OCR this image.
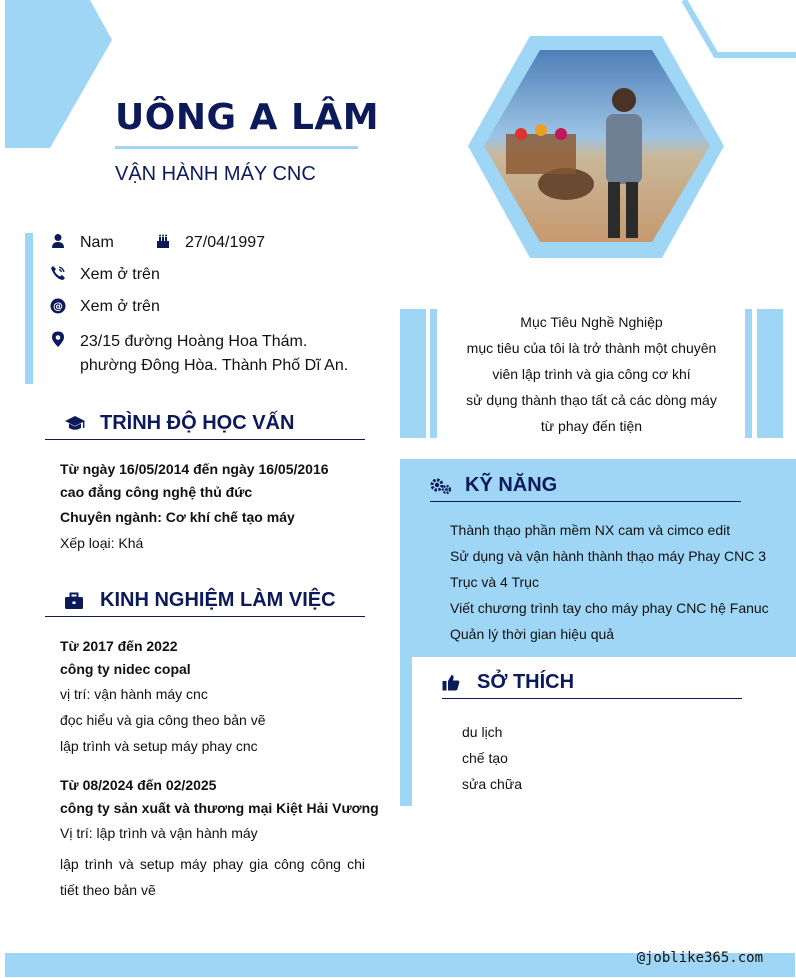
UÔNG A LÂM
VẬN HÀNH MÁY CNC
Nam	27/04/1997
Xem ở trên
@ Xem ở trên
23/15 đường Hoàng Hoa Thám. phường Đông Hòa. Thành Phố Dĩ An.
TRÌNH ĐỘ HỌC VẤN
Từ ngày 16/05/2014 đến ngày 16/05/2016
cao đẳng công nghệ thủ đức
Chuyên ngành: Cơ khí chế tạo máy
Xếp loại: Khá
KINH NGHIỆM LÀM VIỆC
Từ 2017 đến 2022
công ty nidec copal
vị trí: vận hành máy cnc
đọc hiểu và gia công theo bản vẽ
lập trình và setup máy phay cnc
Từ 08/2024 đến 02/2025
công ty sản xuất và thương mại Kiệt Hải Vương
Vị trí: lập trình và vận hành máy
lập trình và setup máy phay gia công công chi tiết theo bản vẽ
Mục Tiêu Nghề Nghiệp
mục tiêu của tôi là trở thành một chuyên
viên lập trình và gia công cơ khí
sử dụng thành thạo tất cả các dòng máy
từ phay đến tiện
KỸ NĂNG
Thành thạo phần mềm NX cam và cimco edit
Sử dụng và vận hành thành thạo máy Phay CNC 3
Trục và 4 Trục
Viết chương trình tay cho máy phay CNC hệ Fanuc
Quản lý thời gian hiệu quả
SỞ THÍCH
du lịch
chế tạo
sửa chữa
@joblike365.com
